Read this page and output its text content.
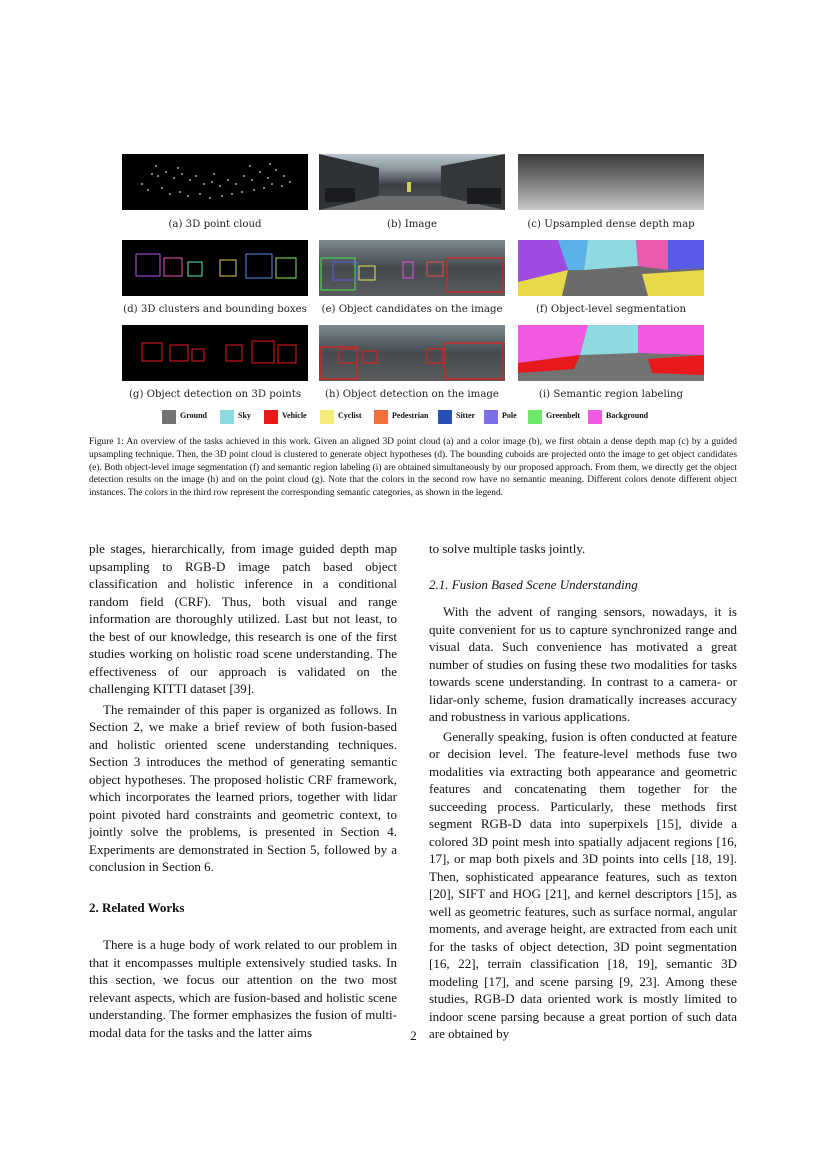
(a) 3D point cloud	(b) Image	(c) Upsampled dense depth map
(d) 3D clusters and bounding boxes	(e) Object candidates on the image	(f) Object-level segmentation
(g) Object detection on 3D points	(h) Object detection on the image	(i) Semantic region labeling
Ground	Sky	Vehicle	Cyclist	Pedestrian	Sitter	Pole	Greenbelt	Background
Figure 1: An overview of the tasks achieved in this work. Given an aligned 3D point cloud (a) and a color image (b), we first obtain a dense depth map (c) by a guided upsampling technique. Then, the 3D point cloud is clustered to generate object hypotheses (d). The bounding cuboids are projected onto the image to get object candidates (e). Both object-level image segmentation (f) and semantic region labeling (i) are obtained simultaneously by our proposed approach. From them, we directly get the object detection results on the image (h) and on the point cloud (g). Note that the colors in the second row have no semantic meaning. Different colors denote different object instances. The colors in the third row represent the corresponding semantic categories, as shown in the legend.

ple stages, hierarchically, from image guided depth map upsampling to RGB-D image patch based object classification and holistic inference in a conditional random field (CRF). Thus, both visual and range information are thoroughly utilized. Last but not least, to the best of our knowledge, this research is one of the first studies working on holistic road scene understanding. The effectiveness of our approach is validated on the challenging KITTI dataset [39].

The remainder of this paper is organized as follows. In Section 2, we make a brief review of both fusion-based and holistic oriented scene understanding techniques. Section 3 introduces the method of generating semantic object hypotheses. The proposed holistic CRF framework, which incorporates the learned priors, together with lidar point pivoted hard constraints and geometric context, to jointly solve the problems, is presented in Section 4. Experiments are demonstrated in Section 5, followed by a conclusion in Section 6.

2. Related Works

There is a huge body of work related to our problem in that it encompasses multiple extensively studied tasks. In this section, we focus our attention on the two most relevant aspects, which are fusion-based and holistic scene understanding. The former emphasizes the fusion of multi-modal data for the tasks and the latter aims

to solve multiple tasks jointly.

2.1. Fusion Based Scene Understanding

With the advent of ranging sensors, nowadays, it is quite convenient for us to capture synchronized range and visual data. Such convenience has motivated a great number of studies on fusing these two modalities for tasks towards scene understanding. In contrast to a camera- or lidar-only scheme, fusion dramatically increases accuracy and robustness in various applications.

Generally speaking, fusion is often conducted at feature or decision level. The feature-level methods fuse two modalities via extracting both appearance and geometric features and concatenating them together for the succeeding process. Particularly, these methods first segment RGB-D data into superpixels [15], divide a colored 3D point mesh into spatially adjacent regions [16, 17], or map both pixels and 3D points into cells [18, 19]. Then, sophisticated appearance features, such as texton [20], SIFT and HOG [21], and kernel descriptors [15], as well as geometric features, such as surface normal, angular moments, and average height, are extracted from each unit for the tasks of object detection, 3D point segmentation [16, 22], terrain classification [18, 19], semantic 3D modeling [17], and scene parsing [9, 23]. Among these studies, RGB-D data oriented work is mostly limited to indoor scene parsing because a great portion of such data are obtained by

2
